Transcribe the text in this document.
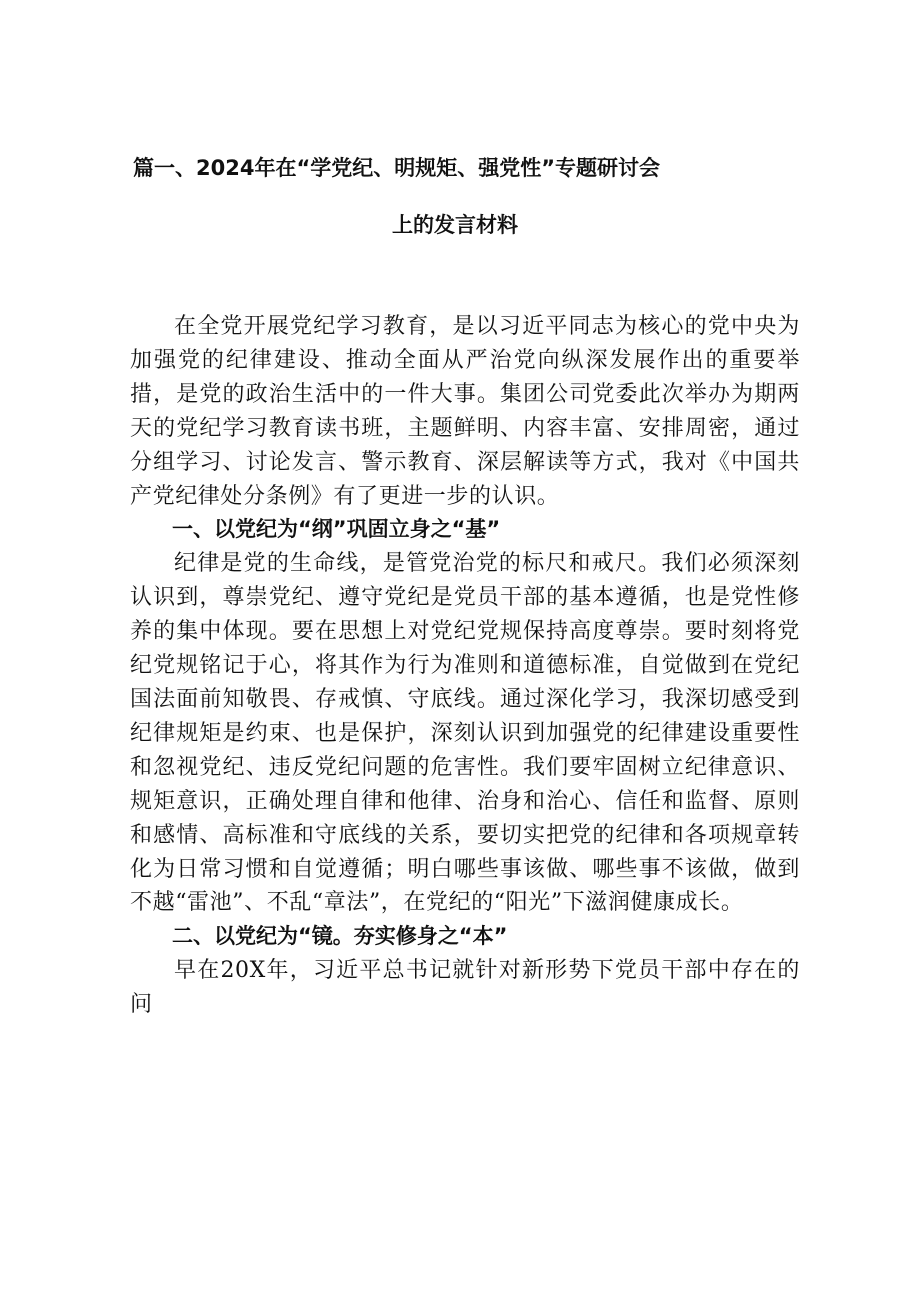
篇一、2024年在“学党纪、明规矩、强党性”专题研讨会
上的发言材料

在全党开展党纪学习教育，是以习近平同志为核心的党中央为加强党的纪律建设、推动全面从严治党向纵深发展作出的重要举措，是党的政治生活中的一件大事。集团公司党委此次举办为期两天的党纪学习教育读书班，主题鲜明、内容丰富、安排周密，通过分组学习、讨论发言、警示教育、深层解读等方式，我对《中国共产党纪律处分条例》有了更进一步的认识。

一、以党纪为“纲”巩固立身之“基”

纪律是党的生命线，是管党治党的标尺和戒尺。我们必须深刻认识到，尊崇党纪、遵守党纪是党员干部的基本遵循，也是党性修养的集中体现。要在思想上对党纪党规保持高度尊崇。要时刻将党纪党规铭记于心，将其作为行为准则和道德标准，自觉做到在党纪国法面前知敬畏、存戒慎、守底线。通过深化学习，我深切感受到纪律规矩是约束、也是保护，深刻认识到加强党的纪律建设重要性和忽视党纪、违反党纪问题的危害性。我们要牢固树立纪律意识、规矩意识，正确处理自律和他律、治身和治心、信任和监督、原则和感情、高标准和守底线的关系，要切实把党的纪律和各项规章转化为日常习惯和自觉遵循；明白哪些事该做、哪些事不该做，做到不越“雷池”、不乱“章法”，在党纪的“阳光”下滋润健康成长。

二、以党纪为“镜。夯实修身之“本”

早在20X年，习近平总书记就针对新形势下党员干部中存在的问
